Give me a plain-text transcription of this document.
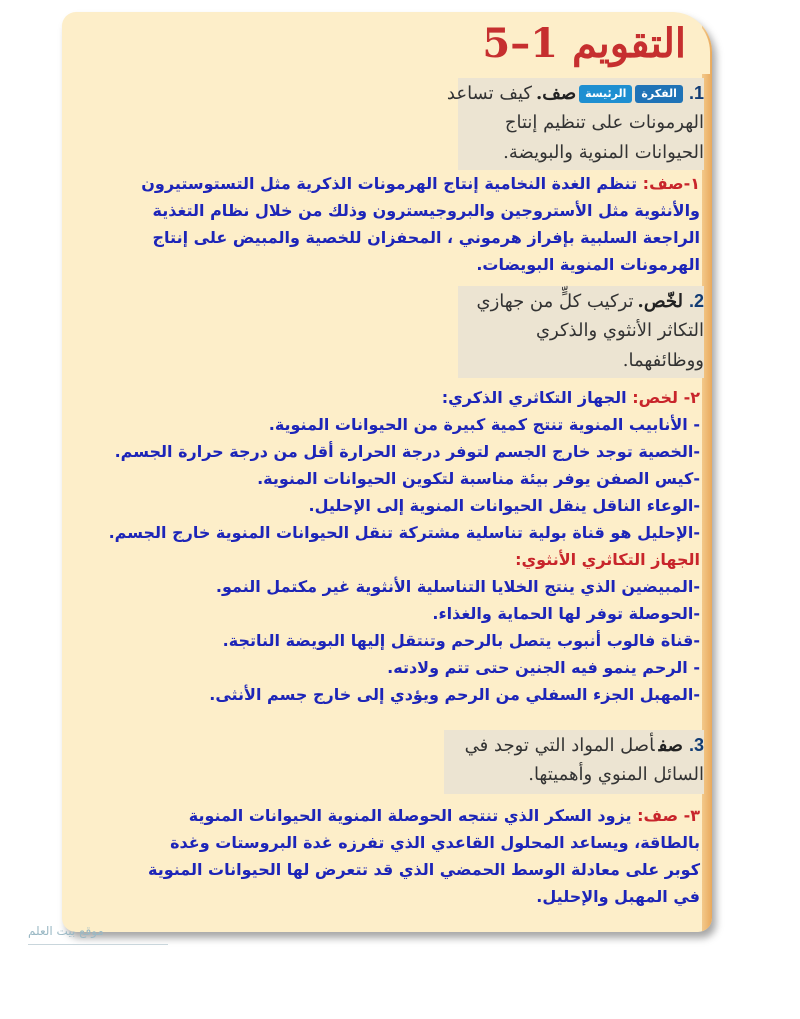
التقويم 1–5
1.الفكرةالرئيسةصف.كيف تساعد
الهرمونات على تنظيم إنتاج
الحيوانات المنوية والبويضة.
١-صف: تنظم الغدة النخامية إنتاج الهرمونات الذكرية مثل التستوستيرون
والأنثوية مثل الأستروجين والبروجيسترون وذلك من خلال نظام التغذية
الراجعة السلبية بإفراز هرموني ، المحفزان للخصية والمبيض على إنتاج
الهرمونات المنوية البويضات.
2.لخّص.تركيب كلٍّ من جهازي
التكاثر الأنثوي والذكري
ووظائفهما.
٢- لخص: الجهاز التكاثري الذكري:
- الأنابيب المنوية تنتج كمية كبيرة من الحيوانات المنوية.
-الخصية توجد خارج الجسم لتوفر درجة الحرارة أقل من درجة حرارة الجسم.
-كيس الصفن يوفر بيئة مناسبة لتكوين الحيوانات المنوية.
-الوعاء الناقل ينقل الحيوانات المنوية إلى الإحليل.
-الإحليل هو قناة بولية تناسلية مشتركة تنقل الحيوانات المنوية خارج الجسم.
الجهاز التكاثري الأنثوي:
-المبيضين الذي ينتج الخلايا التناسلية الأنثوية غير مكتمل النمو.
-الحوصلة توفر لها الحماية والغذاء.
-قناة فالوب أنبوب يتصل بالرحم وتنتقل إليها البويضة الناتجة.
- الرحم ينمو فيه الجنين حتى تتم ولادته.
-المهبل الجزء السفلي من الرحم ويؤدي إلى خارج جسم الأنثى.
3.صفأصل المواد التي توجد في
السائل المنوي وأهميتها.
٣- صف: يزود السكر الذي تنتجه الحوصلة المنوية الحيوانات المنوية
بالطاقة، ويساعد المحلول القاعدي الذي تفرزه غدة البروستات وغدة
كوبر على معادلة الوسط الحمضي الذي قد تتعرض لها الحيوانات المنوية
في المهبل والإحليل.
موقع بيت العلم
